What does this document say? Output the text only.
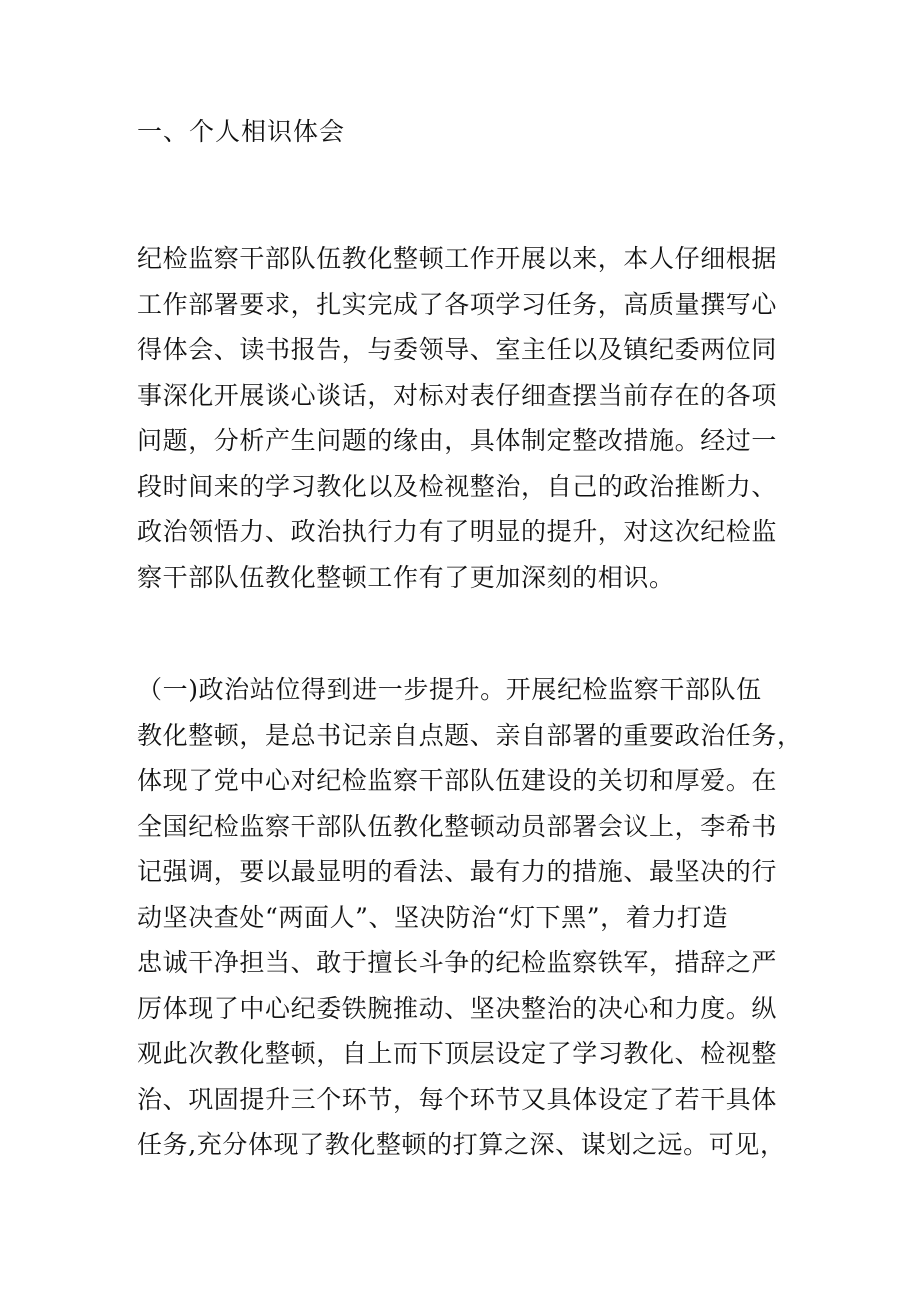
一、个人相识体会
纪检监察干部队伍教化整顿工作开展以来，本人仔细根据
工作部署要求，扎实完成了各项学习任务，高质量撰写心
得体会、读书报告，与委领导、室主任以及镇纪委两位同
事深化开展谈心谈话，对标对表仔细查摆当前存在的各项
问题，分析产生问题的缘由，具体制定整改措施。经过一
段时间来的学习教化以及检视整治，自己的政治推断力、
政治领悟力、政治执行力有了明显的提升，对这次纪检监
察干部队伍教化整顿工作有了更加深刻的相识。
（一)政治站位得到进一步提升。开展纪检监察干部队伍
教化整顿，是总书记亲自点题、亲自部署的重要政治任务，
体现了党中心对纪检监察干部队伍建设的关切和厚爱。在
全国纪检监察干部队伍教化整顿动员部署会议上，李希书
记强调，要以最显明的看法、最有力的措施、最坚决的行
动坚决查处“两面人”、坚决防治“灯下黑”，着力打造
忠诚干净担当、敢于擅长斗争的纪检监察铁军，措辞之严
厉体现了中心纪委铁腕推动、坚决整治的决心和力度。纵
观此次教化整顿，自上而下顶层设定了学习教化、检视整
治、巩固提升三个环节，每个环节又具体设定了若干具体
任务,充分体现了教化整顿的打算之深、谋划之远。可见，
